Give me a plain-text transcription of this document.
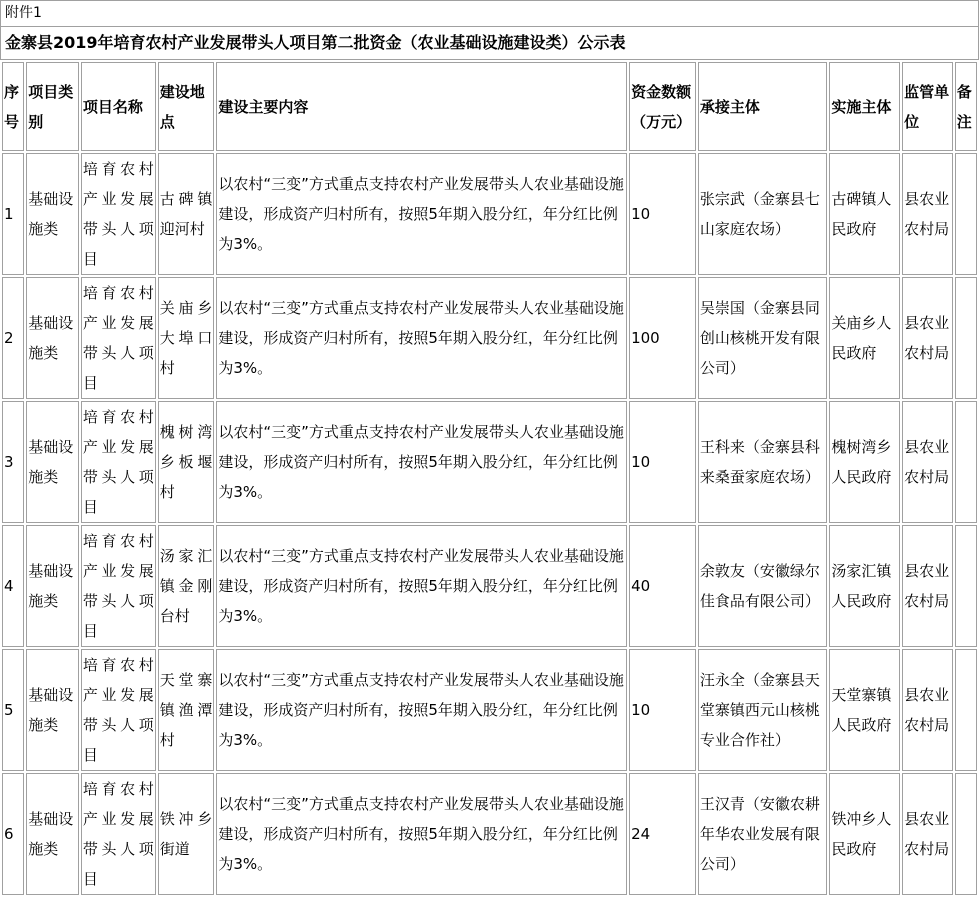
附件1
金寨县2019年培育农村产业发展带头人项目第二批资金（农业基础设施建设类）公示表
序号	项目类别	项目名称	建设地点	建设主要内容	资金数额（万元）	承接主体	实施主体	监管单位	备注
1	基础设施类	培育农村产业发展带头人项目	古碑镇迎河村	以农村“三变”方式重点支持农村产业发展带头人农业基础设施建设，形成资产归村所有，按照5年期入股分红，年分红比例为3%。	10	张宗武（金寨县七山家庭农场）	古碑镇人民政府	县农业农村局	
2	基础设施类	培育农村产业发展带头人项目	关庙乡大埠口村	以农村“三变”方式重点支持农村产业发展带头人农业基础设施建设，形成资产归村所有，按照5年期入股分红，年分红比例为3%。	100	吴崇国（金寨县同创山核桃开发有限公司）	关庙乡人民政府	县农业农村局	
3	基础设施类	培育农村产业发展带头人项目	槐树湾乡板堰村	以农村“三变”方式重点支持农村产业发展带头人农业基础设施建设，形成资产归村所有，按照5年期入股分红，年分红比例为3%。	10	王科来（金寨县科来桑蚕家庭农场）	槐树湾乡人民政府	县农业农村局	
4	基础设施类	培育农村产业发展带头人项目	汤家汇镇金刚台村	以农村“三变”方式重点支持农村产业发展带头人农业基础设施建设，形成资产归村所有，按照5年期入股分红，年分红比例为3%。	40	余敦友（安徽绿尔佳食品有限公司）	汤家汇镇人民政府	县农业农村局	
5	基础设施类	培育农村产业发展带头人项目	天堂寨镇渔潭村	以农村“三变”方式重点支持农村产业发展带头人农业基础设施建设，形成资产归村所有，按照5年期入股分红，年分红比例为3%。	10	汪永全（金寨县天堂寨镇西元山核桃专业合作社）	天堂寨镇人民政府	县农业农村局	
6	基础设施类	培育农村产业发展带头人项目	铁冲乡街道	以农村“三变”方式重点支持农村产业发展带头人农业基础设施建设，形成资产归村所有，按照5年期入股分红，年分红比例为3%。	24	王汉青（安徽农耕年华农业发展有限公司）	铁冲乡人民政府	县农业农村局	
